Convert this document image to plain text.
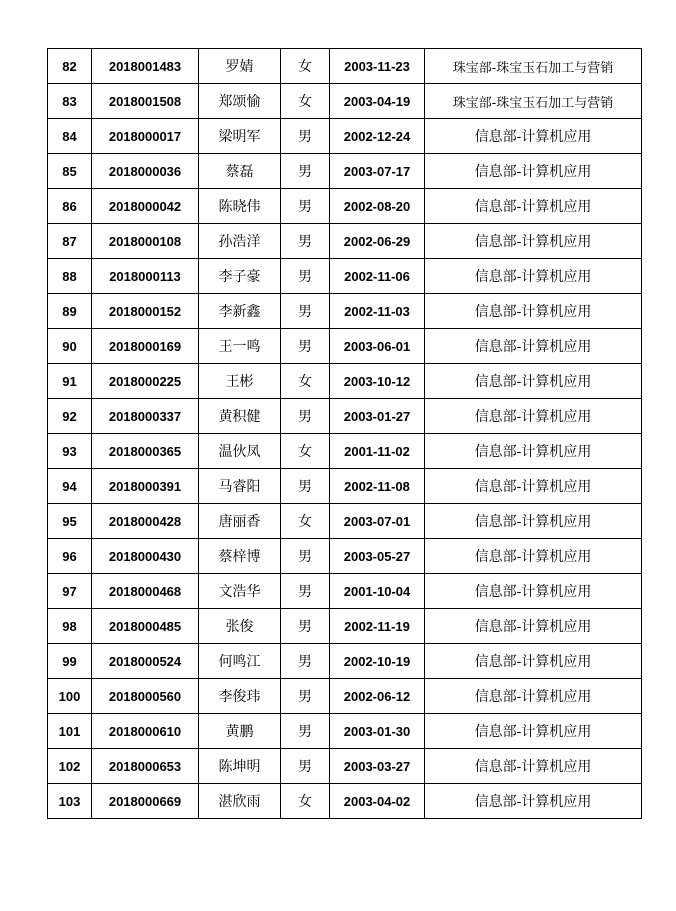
82	2018001483	罗婧	女	2003-11-23	珠宝部-珠宝玉石加工与营销
83	2018001508	郑颂愉	女	2003-04-19	珠宝部-珠宝玉石加工与营销
84	2018000017	梁明军	男	2002-12-24	信息部-计算机应用
85	2018000036	蔡磊	男	2003-07-17	信息部-计算机应用
86	2018000042	陈晓伟	男	2002-08-20	信息部-计算机应用
87	2018000108	孙浩洋	男	2002-06-29	信息部-计算机应用
88	2018000113	李子豪	男	2002-11-06	信息部-计算机应用
89	2018000152	李新鑫	男	2002-11-03	信息部-计算机应用
90	2018000169	王一鸣	男	2003-06-01	信息部-计算机应用
91	2018000225	王彬	女	2003-10-12	信息部-计算机应用
92	2018000337	黄积健	男	2003-01-27	信息部-计算机应用
93	2018000365	温伙凤	女	2001-11-02	信息部-计算机应用
94	2018000391	马睿阳	男	2002-11-08	信息部-计算机应用
95	2018000428	唐丽香	女	2003-07-01	信息部-计算机应用
96	2018000430	蔡梓博	男	2003-05-27	信息部-计算机应用
97	2018000468	文浩华	男	2001-10-04	信息部-计算机应用
98	2018000485	张俊	男	2002-11-19	信息部-计算机应用
99	2018000524	何鸣江	男	2002-10-19	信息部-计算机应用
100	2018000560	李俊玮	男	2002-06-12	信息部-计算机应用
101	2018000610	黄鹏	男	2003-01-30	信息部-计算机应用
102	2018000653	陈坤明	男	2003-03-27	信息部-计算机应用
103	2018000669	湛欣雨	女	2003-04-02	信息部-计算机应用
